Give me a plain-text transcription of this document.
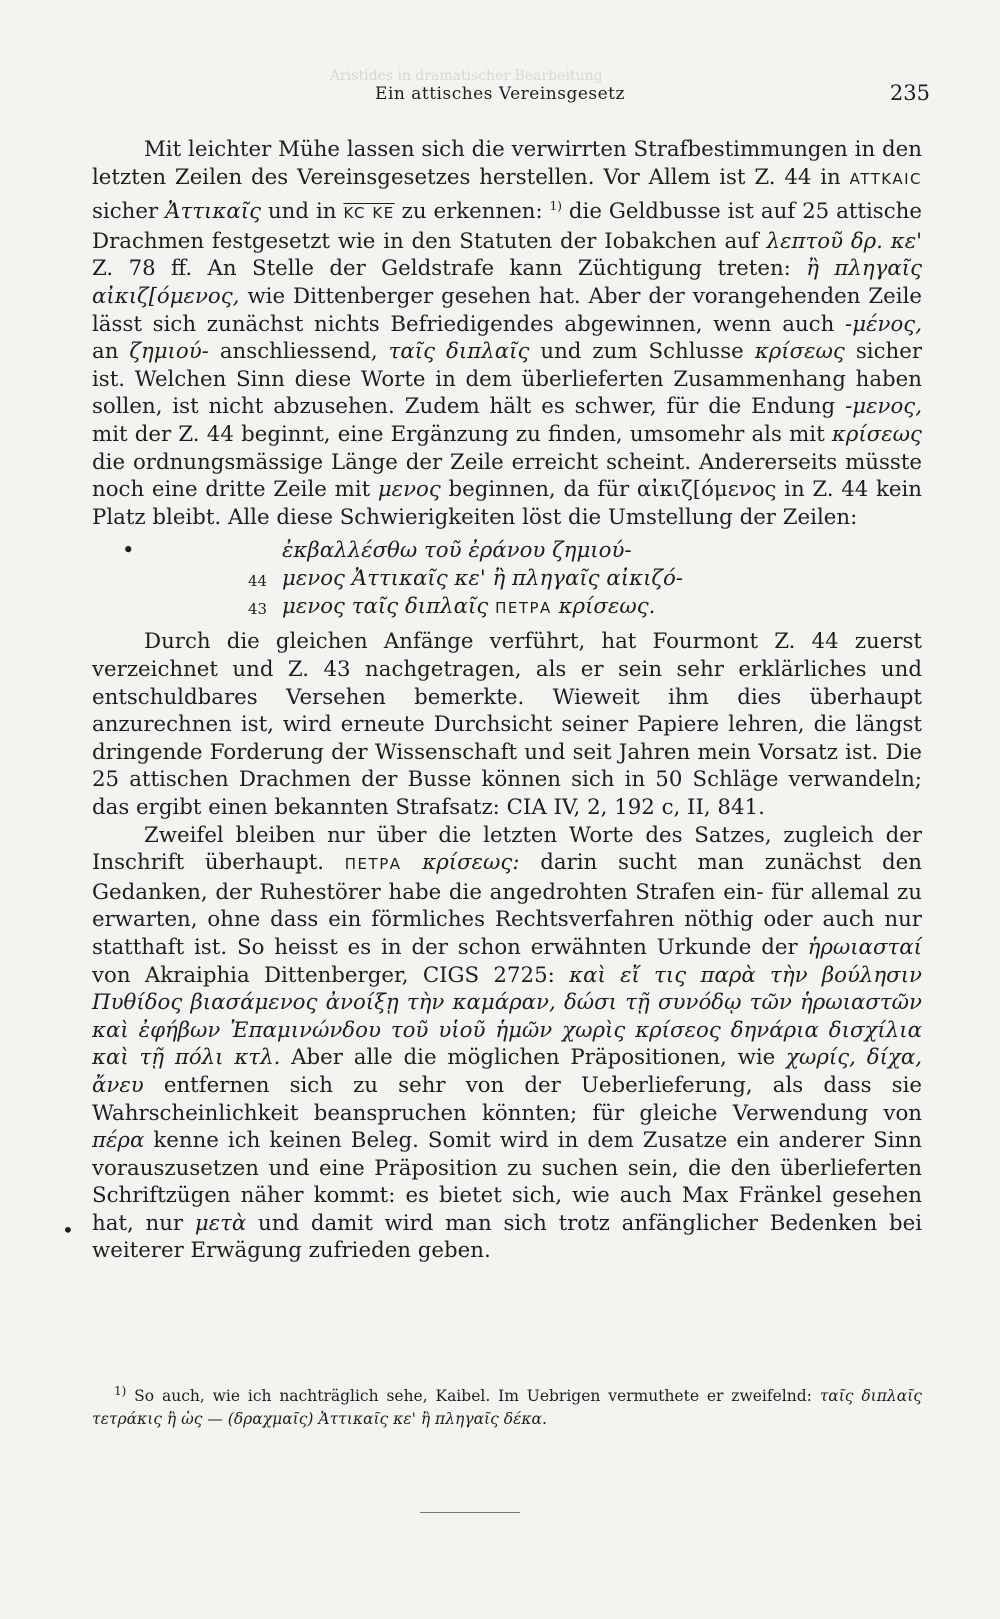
Aristides in dramatischer Bearbeitung
Ein attisches Vereinsgesetz	235

Mit leichter Mühe lassen sich die verwirrten Strafbestimmungen in den letzten Zeilen des Vereinsgesetzes herstellen. Vor Allem ist Z. 44 in ATTKAIC sicher Ἀττικαῖς und in KC KE zu erkennen: $^{1)}$ die Geldbusse ist auf 25 attische Drachmen festgesetzt wie in den Statuten der Iobakchen auf λεπτοῦ δρ. κε' Z. 78 ff. An Stelle der Geldstrafe kann Züchtigung treten: ἢ πληγαῖς αἰκιζ[όμενος, wie Dittenberger gesehen hat. Aber der vorangehenden Zeile lässt sich zunächst nichts Befriedigendes abgewinnen, wenn auch -μένος, an ζημιού- anschliessend, ταῖς διπλαῖς und zum Schlusse κρίσεως sicher ist. Welchen Sinn diese Worte in dem überlieferten Zusammenhang haben sollen, ist nicht abzusehen. Zudem hält es schwer, für die Endung -μενος, mit der Z. 44 beginnt, eine Ergänzung zu finden, umsomehr als mit κρίσεως die ordnungsmässige Länge der Zeile erreicht scheint. Andererseits müsste noch eine dritte Zeile mit μενος beginnen, da für αἰκιζ[όμενος in Z. 44 kein Platz bleibt. Alle diese Schwierigkeiten löst die Umstellung der Zeilen:

•	ἐκβαλλέσθω τοῦ ἐράνου ζημιού-
44 μενος Ἀττικαῖς κε' ἢ πληγαῖς αἰκιζό-
43 μενος ταῖς διπλαῖς ΠΕΤΡΑ κρίσεως.

Durch die gleichen Anfänge verführt, hat Fourmont Z. 44 zuerst verzeichnet und Z. 43 nachgetragen, als er sein sehr erklärliches und entschuldbares Versehen bemerkte. Wieweit ihm dies überhaupt anzurechnen ist, wird erneute Durchsicht seiner Papiere lehren, die längst dringende Forderung der Wissenschaft und seit Jahren mein Vorsatz ist. Die 25 attischen Drachmen der Busse können sich in 50 Schläge verwandeln; das ergibt einen bekannten Strafsatz: CIA IV, 2, 192 c, II, 841.

Zweifel bleiben nur über die letzten Worte des Satzes, zugleich der Inschrift überhaupt. ΠΕΤΡΑ κρίσεως: darin sucht man zunächst den Gedanken, der Ruhestörer habe die angedrohten Strafen ein- für allemal zu erwarten, ohne dass ein förmliches Rechtsverfahren nöthig oder auch nur statthaft ist. So heisst es in der schon erwähnten Urkunde der ἡρωιασταί von Akraiphia Dittenberger, CIGS 2725: καὶ εἴ τις παρὰ τὴν βούλησιν Πυθίδος βιασάμενος ἀνοίξῃ τὴν καμάραν, δώσι τῇ συνόδῳ τῶν ἡρωιαστῶν καὶ ἐφήβων Ἐπαμινώνδου τοῦ υἱοῦ ἡμῶν χωρὶς κρίσεος δηνάρια δισχίλια καὶ τῇ πόλι κτλ. Aber alle die möglichen Präpositionen, wie χωρίς, δίχα, ἄνευ entfernen sich zu sehr von der Ueberlieferung, als dass sie Wahrscheinlichkeit beanspruchen könnten; für gleiche Verwendung von πέρα kenne ich keinen Beleg. Somit wird in dem Zusatze ein anderer Sinn vorauszusetzen und eine Präposition zu suchen sein, die den überlieferten Schriftzügen näher kommt: es bietet sich, wie auch Max Fränkel gesehen hat, nur μετὰ und damit wird man sich trotz anfänglicher Bedenken bei weiterer Erwägung zufrieden geben.

•

$^{1)}$ So auch, wie ich nachträglich sehe, Kaibel. Im Uebrigen vermuthete er zweifelnd: ταῖς διπλαῖς τετράκις ἢ ὡς — (δραχμαῖς) Ἀττικαῖς κε' ἢ πληγαῖς δέκα.
